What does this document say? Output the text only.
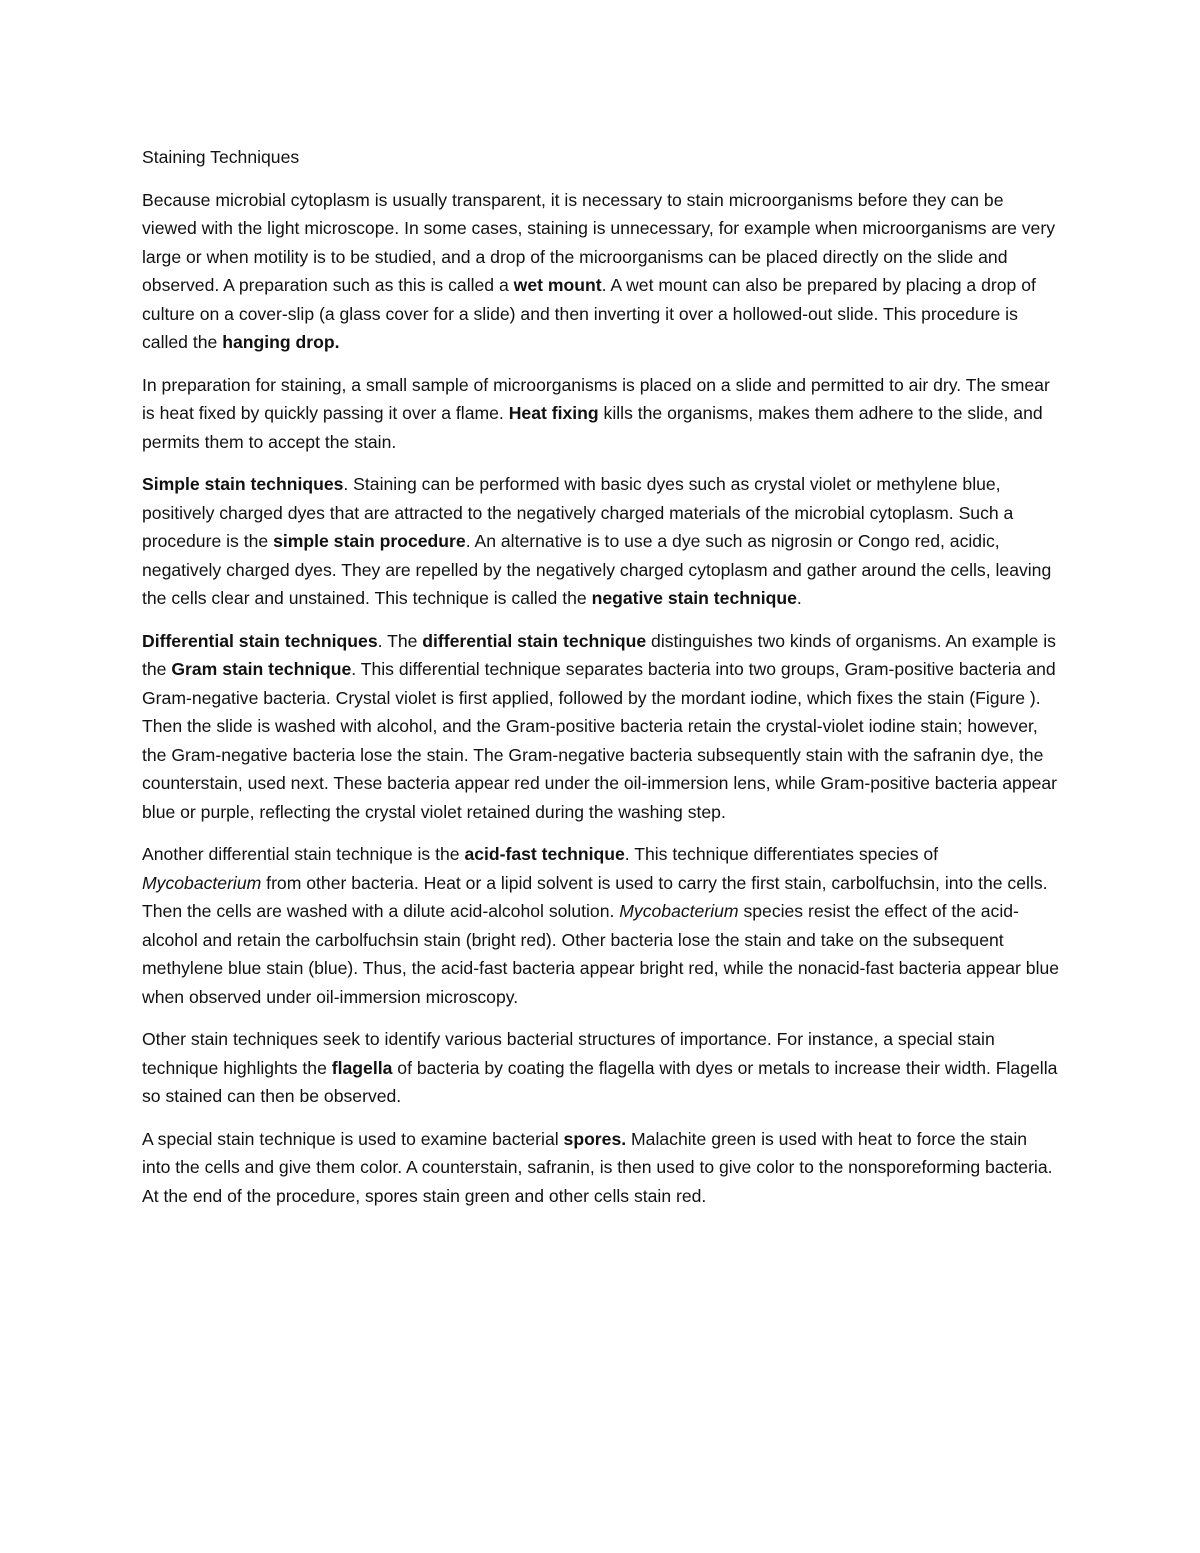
Staining Techniques

Because microbial cytoplasm is usually transparent, it is necessary to stain microorganisms before they can be viewed with the light microscope. In some cases, staining is unnecessary, for example when microorganisms are very large or when motility is to be studied, and a drop of the microorganisms can be placed directly on the slide and observed. A preparation such as this is called a wet mount. A wet mount can also be prepared by placing a drop of culture on a cover-slip (a glass cover for a slide) and then inverting it over a hollowed-out slide. This procedure is called the hanging drop.

In preparation for staining, a small sample of microorganisms is placed on a slide and permitted to air dry. The smear is heat fixed by quickly passing it over a flame. Heat fixing kills the organisms, makes them adhere to the slide, and permits them to accept the stain.

Simple stain techniques. Staining can be performed with basic dyes such as crystal violet or methylene blue, positively charged dyes that are attracted to the negatively charged materials of the microbial cytoplasm. Such a procedure is the simple stain procedure. An alternative is to use a dye such as nigrosin or Congo red, acidic, negatively charged dyes. They are repelled by the negatively charged cytoplasm and gather around the cells, leaving the cells clear and unstained. This technique is called the negative stain technique.

Differential stain techniques. The differential stain technique distinguishes two kinds of organisms. An example is the Gram stain technique. This differential technique separates bacteria into two groups, Gram-positive bacteria and Gram-negative bacteria. Crystal violet is first applied, followed by the mordant iodine, which fixes the stain (Figure ). Then the slide is washed with alcohol, and the Gram-positive bacteria retain the crystal-violet iodine stain; however, the Gram-negative bacteria lose the stain. The Gram-negative bacteria subsequently stain with the safranin dye, the counterstain, used next. These bacteria appear red under the oil-immersion lens, while Gram-positive bacteria appear blue or purple, reflecting the crystal violet retained during the washing step.

Another differential stain technique is the acid-fast technique. This technique differentiates species of Mycobacterium from other bacteria. Heat or a lipid solvent is used to carry the first stain, carbolfuchsin, into the cells. Then the cells are washed with a dilute acid-alcohol solution. Mycobacterium species resist the effect of the acid-alcohol and retain the carbolfuchsin stain (bright red). Other bacteria lose the stain and take on the subsequent methylene blue stain (blue). Thus, the acid-fast bacteria appear bright red, while the nonacid-fast bacteria appear blue when observed under oil-immersion microscopy.

Other stain techniques seek to identify various bacterial structures of importance. For instance, a special stain technique highlights the flagella of bacteria by coating the flagella with dyes or metals to increase their width. Flagella so stained can then be observed.

A special stain technique is used to examine bacterial spores. Malachite green is used with heat to force the stain into the cells and give them color. A counterstain, safranin, is then used to give color to the nonsporeforming bacteria. At the end of the procedure, spores stain green and other cells stain red.
